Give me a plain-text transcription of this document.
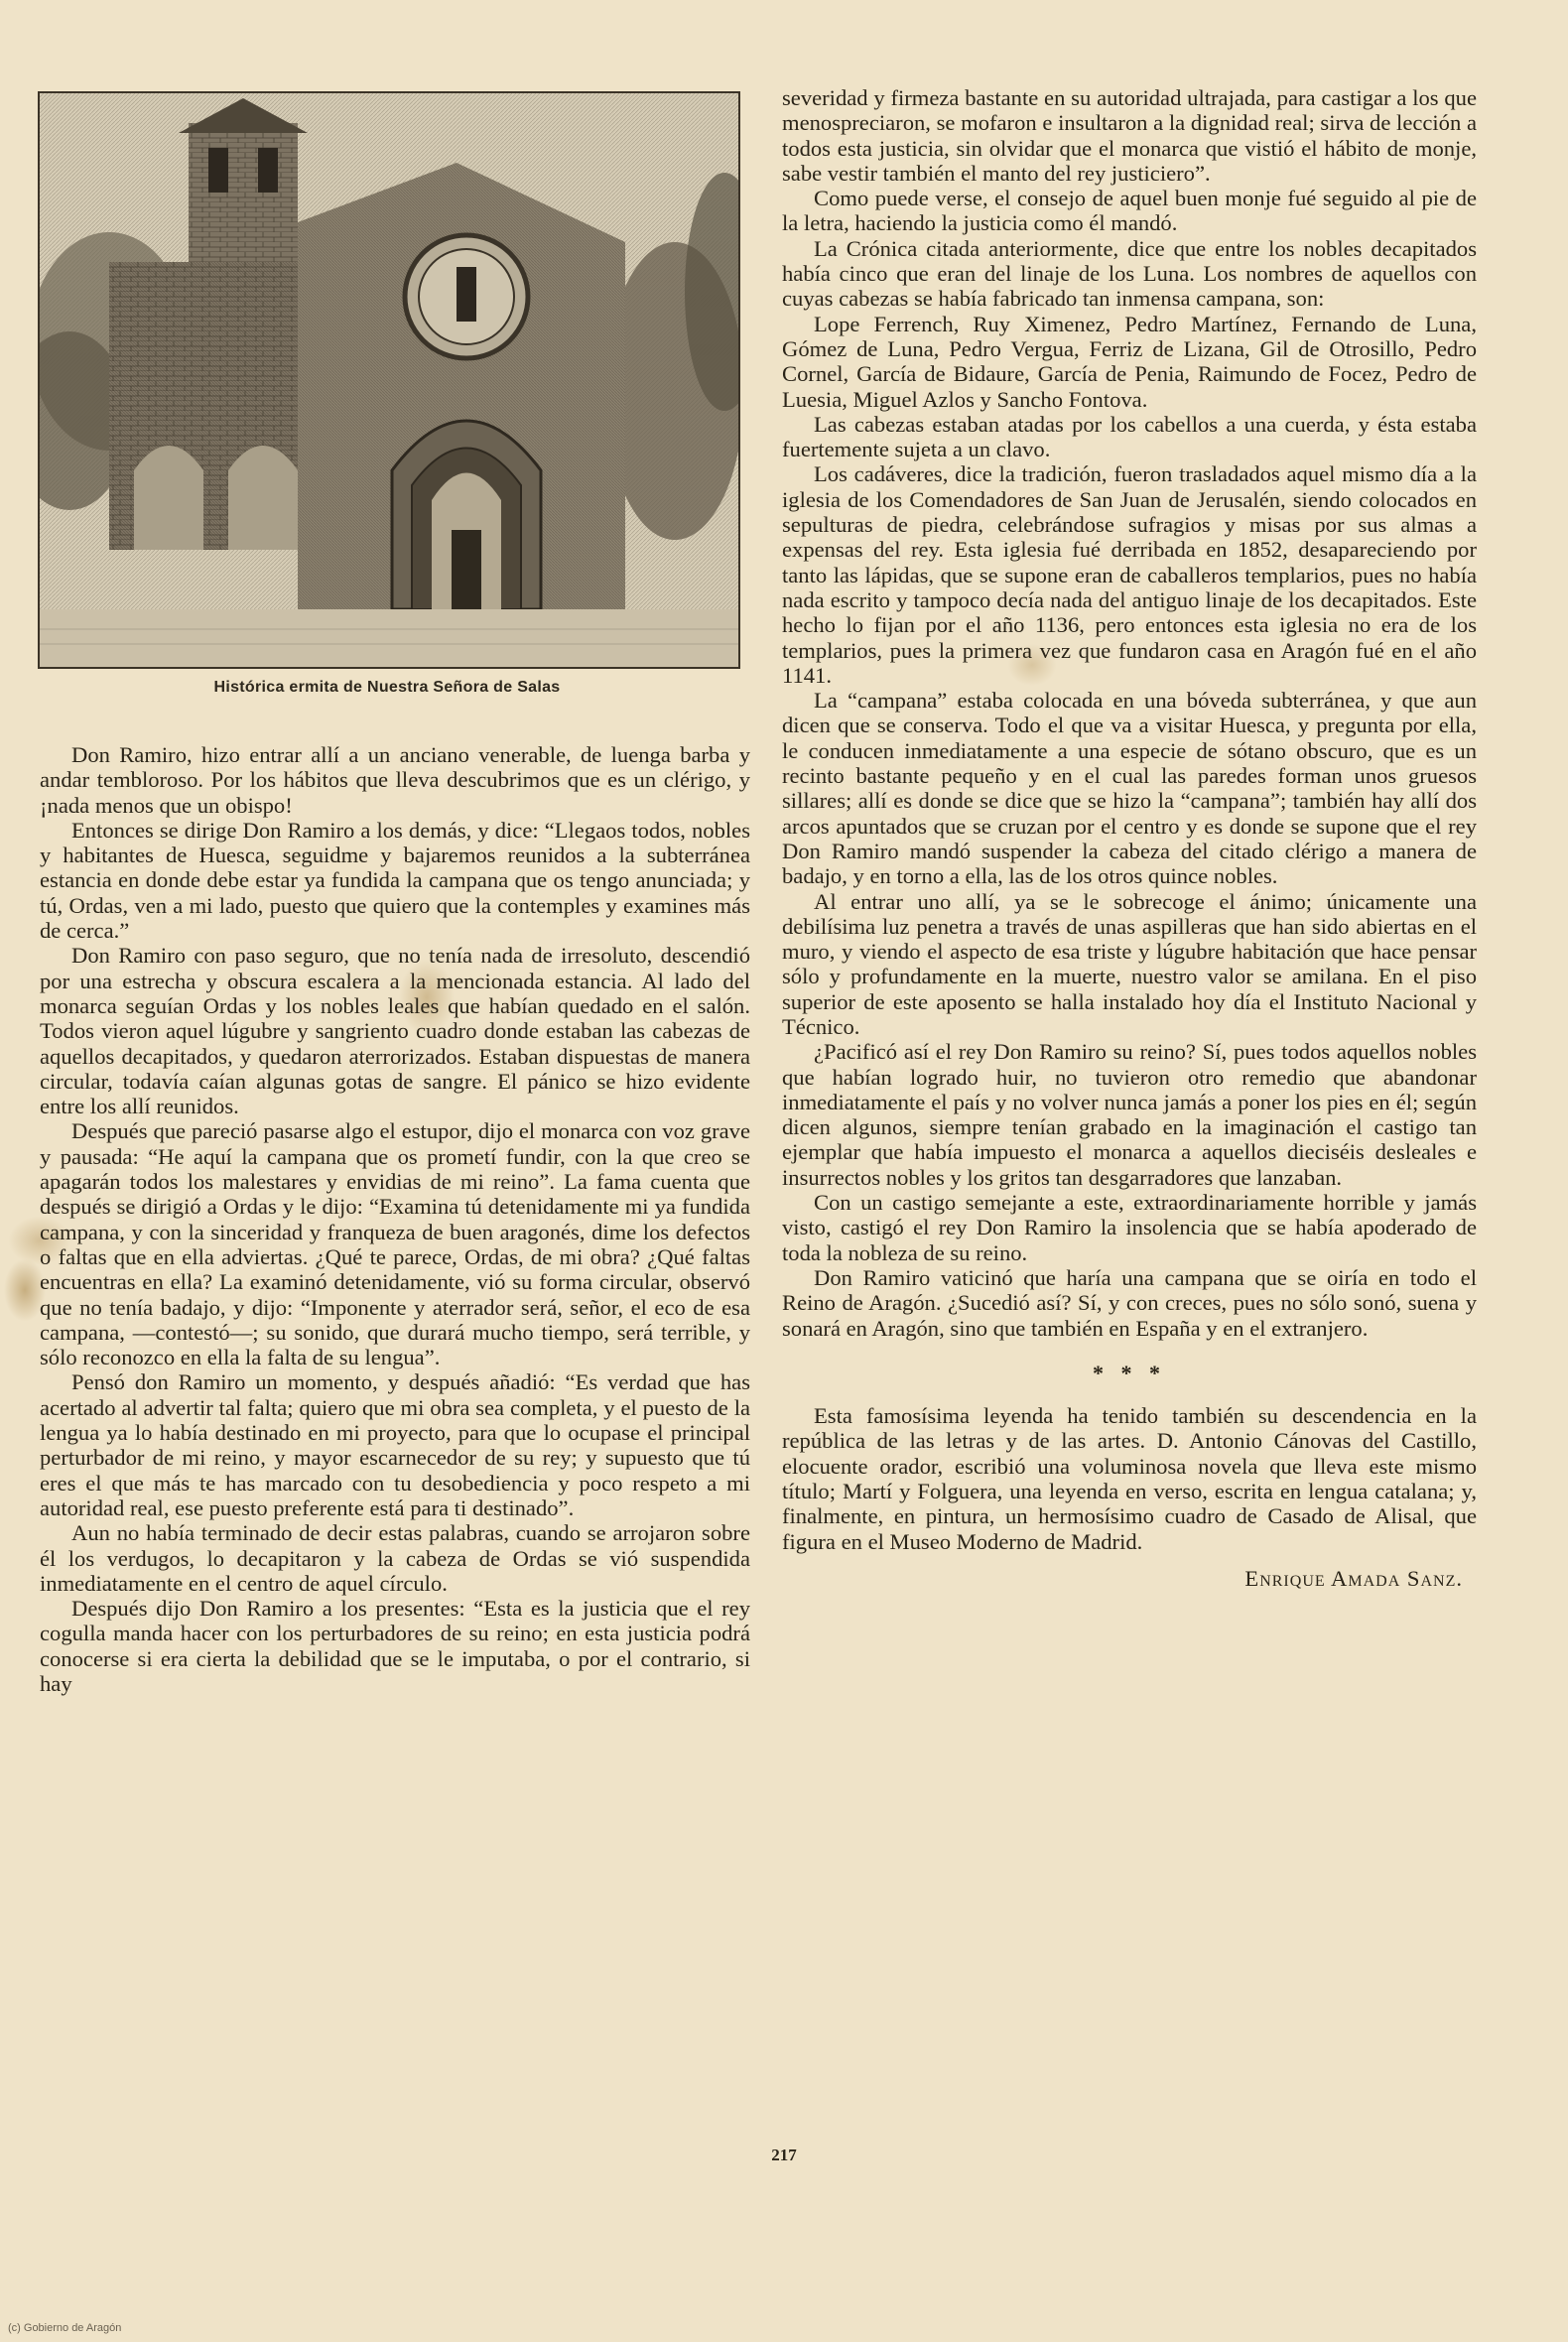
Histórica ermita de Nuestra Señora de Salas

Don Ramiro, hizo entrar allí a un anciano venerable, de luenga barba y andar tembloroso. Por los hábitos que lleva descubrimos que es un clérigo, y ¡nada menos que un obispo!

Entonces se dirige Don Ramiro a los demás, y dice: “Llegaos todos, nobles y habitantes de Huesca, seguidme y bajaremos reunidos a la subterránea estancia en donde debe estar ya fundida la campana que os tengo anunciada; y tú, Ordas, ven a mi lado, puesto que quiero que la contemples y examines más de cerca.”

Don Ramiro con paso seguro, que no tenía nada de irresoluto, descendió por una estrecha y obscura escalera a la mencionada estancia. Al lado del monarca seguían Ordas y los nobles leales que habían quedado en el salón. Todos vieron aquel lúgubre y sangriento cuadro donde estaban las cabezas de aquellos decapitados, y quedaron aterrorizados. Estaban dispuestas de manera circular, todavía caían algunas gotas de sangre. El pánico se hizo evidente entre los allí reunidos.

Después que pareció pasarse algo el estupor, dijo el monarca con voz grave y pausada: “He aquí la campana que os prometí fundir, con la que creo se apagarán todos los malestares y envidias de mi reino”. La fama cuenta que después se dirigió a Ordas y le dijo: “Examina tú detenidamente mi ya fundida campana, y con la sinceridad y franqueza de buen aragonés, dime los defectos o faltas que en ella adviertas. ¿Qué te parece, Ordas, de mi obra? ¿Qué faltas encuentras en ella? La examinó detenidamente, vió su forma circular, observó que no tenía badajo, y dijo: “Imponente y aterrador será, señor, el eco de esa campana, —contestó—; su sonido, que durará mucho tiempo, será terrible, y sólo reconozco en ella la falta de su lengua”.

Pensó don Ramiro un momento, y después añadió: “Es verdad que has acertado al advertir tal falta; quiero que mi obra sea completa, y el puesto de la lengua ya lo había destinado en mi proyecto, para que lo ocupase el principal perturbador de mi reino, y mayor escarnecedor de su rey; y supuesto que tú eres el que más te has marcado con tu desobediencia y poco respeto a mi autoridad real, ese puesto preferente está para ti destinado”.

Aun no había terminado de decir estas palabras, cuando se arrojaron sobre él los verdugos, lo decapitaron y la cabeza de Ordas se vió suspendida inmediatamente en el centro de aquel círculo.

Después dijo Don Ramiro a los presentes: “Esta es la justicia que el rey cogulla manda hacer con los perturbadores de su reino; en esta justicia podrá conocerse si era cierta la debilidad que se le imputaba, o por el contrario, si hay

severidad y firmeza bastante en su autoridad ultrajada, para castigar a los que menospreciaron, se mofaron e insultaron a la dignidad real; sirva de lección a todos esta justicia, sin olvidar que el monarca que vistió el hábito de monje, sabe vestir también el manto del rey justiciero”.

Como puede verse, el consejo de aquel buen monje fué seguido al pie de la letra, haciendo la justicia como él mandó.

La Crónica citada anteriormente, dice que entre los nobles decapitados había cinco que eran del linaje de los Luna. Los nombres de aquellos con cuyas cabezas se había fabricado tan inmensa campana, son:

Lope Ferrench, Ruy Ximenez, Pedro Martínez, Fernando de Luna, Gómez de Luna, Pedro Vergua, Ferriz de Lizana, Gil de Otrosillo, Pedro Cornel, García de Bidaure, García de Penia, Raimundo de Focez, Pedro de Luesia, Miguel Azlos y Sancho Fontova.

Las cabezas estaban atadas por los cabellos a una cuerda, y ésta estaba fuertemente sujeta a un clavo.

Los cadáveres, dice la tradición, fueron trasladados aquel mismo día a la iglesia de los Comendadores de San Juan de Jerusalén, siendo colocados en sepulturas de piedra, celebrándose sufragios y misas por sus almas a expensas del rey. Esta iglesia fué derribada en 1852, desapareciendo por tanto las lápidas, que se supone eran de caballeros templarios, pues no había nada escrito y tampoco decía nada del antiguo linaje de los decapitados. Este hecho lo fijan por el año 1136, pero entonces esta iglesia no era de los templarios, pues la primera vez que fundaron casa en Aragón fué en el año 1141.

La “campana” estaba colocada en una bóveda subterránea, y que aun dicen que se conserva. Todo el que va a visitar Huesca, y pregunta por ella, le conducen inmediatamente a una especie de sótano obscuro, que es un recinto bastante pequeño y en el cual las paredes forman unos gruesos sillares; allí es donde se dice que se hizo la “campana”; también hay allí dos arcos apuntados que se cruzan por el centro y es donde se supone que el rey Don Ramiro mandó suspender la cabeza del citado clérigo a manera de badajo, y en torno a ella, las de los otros quince nobles.

Al entrar uno allí, ya se le sobrecoge el ánimo; únicamente una debilísima luz penetra a través de unas aspilleras que han sido abiertas en el muro, y viendo el aspecto de esa triste y lúgubre habitación que hace pensar sólo y profundamente en la muerte, nuestro valor se amilana. En el piso superior de este aposento se halla instalado hoy día el Instituto Nacional y Técnico.

¿Pacificó así el rey Don Ramiro su reino? Sí, pues todos aquellos nobles que habían logrado huir, no tuvieron otro remedio que abandonar inmediatamente el país y no volver nunca jamás a poner los pies en él; según dicen algunos, siempre tenían grabado en la imaginación el castigo tan ejemplar que había impuesto el monarca a aquellos dieciséis desleales e insurrectos nobles y los gritos tan desgarradores que lanzaban.

Con un castigo semejante a este, extraordinariamente horrible y jamás visto, castigó el rey Don Ramiro la insolencia que se había apoderado de toda la nobleza de su reino.

Don Ramiro vaticinó que haría una campana que se oiría en todo el Reino de Aragón. ¿Sucedió así? Sí, y con creces, pues no sólo sonó, suena y sonará en Aragón, sino que también en España y en el extranjero.

* * *

Esta famosísima leyenda ha tenido también su descendencia en la república de las letras y de las artes. D. Antonio Cánovas del Castillo, elocuente orador, escribió una voluminosa novela que lleva este mismo título; Martí y Folguera, una leyenda en verso, escrita en lengua catalana; y, finalmente, en pintura, un hermosísimo cuadro de Casado de Alisal, que figura en el Museo Moderno de Madrid.

Enrique Amada Sanz.
217
(c) Gobierno de Aragón
